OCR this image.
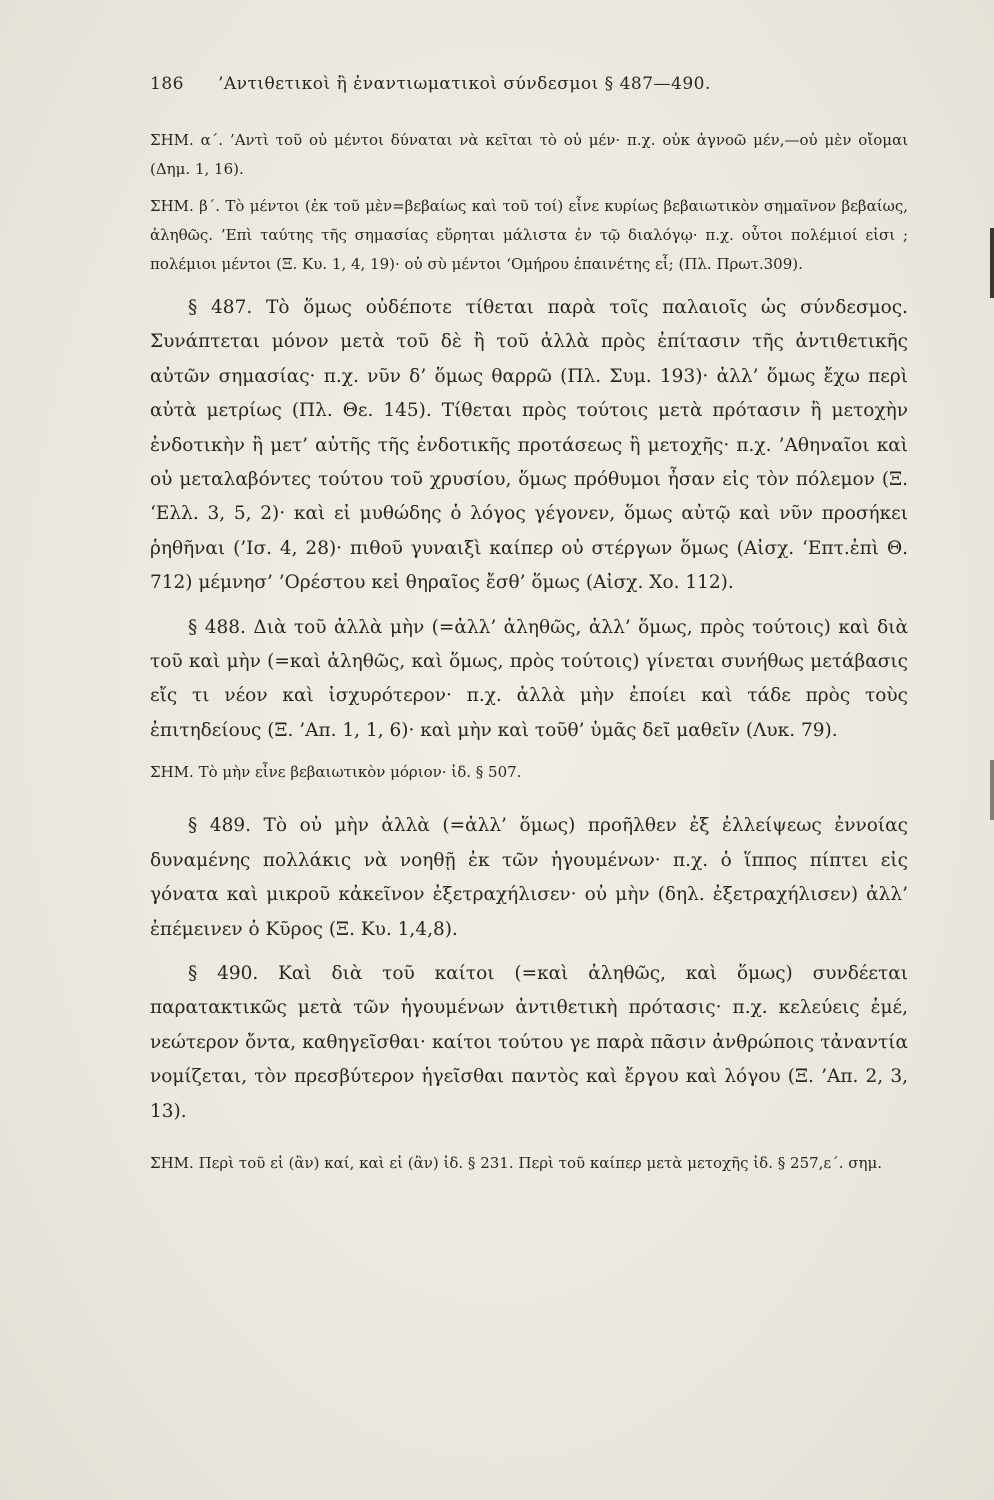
186 ’Αντιθετικοὶ ἢ ἐναντιωματικοὶ σύνδεσμοι § 487—490.

ΣΗΜ. α΄. ’Αντὶ τοῦ οὐ μέντοι δύναται νὰ κεῖται τὸ οὐ μέν· π.χ. οὐκ ἀγνοῶ μέν,—οὐ μὲν οἴομαι (Δημ. 1, 16).

ΣΗΜ. β΄. Τὸ μέντοι (ἐκ τοῦ μὲν=βεβαίως καὶ τοῦ τοί) εἶνε κυρίως βεβαιωτικὸν σημαῖνον βεβαίως, ἀληθῶς. ’Επὶ ταύτης τῆς σημασίας εὕρηται μάλιστα ἐν τῷ διαλόγῳ· π.χ. οὗτοι πολέμιοί εἰσι ; πολέμιοι μέντοι (Ξ. Κυ. 1, 4, 19)· οὐ σὺ μέντοι ‘Ομήρου ἐπαινέτης εἶ; (Πλ. Πρωτ.309).

§ 487. Τὸ ὅμως οὐδέποτε τίθεται παρὰ τοῖς παλαιοῖς ὡς σύνδεσμος. Συνάπτεται μόνον μετὰ τοῦ δὲ ἢ τοῦ ἀλλὰ πρὸς ἐπίτασιν τῆς ἀντιθετικῆς αὐτῶν σημασίας· π.χ. νῦν δ’ ὅμως θαρρῶ (Πλ. Συμ. 193)· ἀλλ’ ὅμως ἔχω περὶ αὐτὰ μετρίως (Πλ. Θε. 145). Τίθεται πρὸς τούτοις μετὰ πρότασιν ἢ μετοχὴν ἐνδοτικὴν ἢ μετ’ αὐτῆς τῆς ἐνδοτικῆς προτάσεως ἢ μετοχῆς· π.χ. ’Αθηναῖοι καὶ οὐ μεταλαβόντες τούτου τοῦ χρυσίου, ὅμως πρόθυμοι ἦσαν εἰς τὸν πόλεμον (Ξ. ‘Ελλ. 3, 5, 2)· καὶ εἰ μυθώδης ὁ λόγος γέγονεν, ὅμως αὐτῷ καὶ νῦν προσήκει ῥηθῆναι (’Ισ. 4, 28)· πιθοῦ γυναιξὶ καίπερ οὐ στέργων ὅμως (Αἰσχ. ‘Επτ.ἐπὶ Θ. 712) μέμνησ’ ’Ορέστου κεἰ θηραῖος ἔσθ’ ὅμως (Αἰσχ. Χο. 112).

§ 488. Διὰ τοῦ ἀλλὰ μὴν (=ἀλλ’ ἀληθῶς, ἀλλ’ ὅμως, πρὸς τούτοις) καὶ διὰ τοῦ καὶ μὴν (=καὶ ἀληθῶς, καὶ ὅμως, πρὸς τούτοις) γίνεται συνήθως μετάβασις εἴς τι νέον καὶ ἰσχυρότερον· π.χ. ἀλλὰ μὴν ἐποίει καὶ τάδε πρὸς τοὺς ἐπιτηδείους (Ξ. ’Απ. 1, 1, 6)· καὶ μὴν καὶ τοῦθ’ ὑμᾶς δεῖ μαθεῖν (Λυκ. 79).

ΣΗΜ. Τὸ μὴν εἶνε βεβαιωτικὸν μόριον· ἰδ. § 507.

§ 489. Τὸ οὐ μὴν ἀλλὰ (=ἀλλ’ ὅμως) προῆλθεν ἐξ ἐλλείψεως ἐννοίας δυναμένης πολλάκις νὰ νοηθῇ ἐκ τῶν ἡγουμένων· π.χ. ὁ ἵππος πίπτει εἰς γόνατα καὶ μικροῦ κἀκεῖνον ἐξετραχήλισεν· οὐ μὴν (δηλ. ἐξετραχήλισεν) ἀλλ’ ἐπέμεινεν ὁ Κῦρος (Ξ. Κυ. 1,4,8).

§ 490. Καὶ διὰ τοῦ καίτοι (=καὶ ἀληθῶς, καὶ ὅμως) συνδέεται παρατακτικῶς μετὰ τῶν ἡγουμένων ἀντιθετικὴ πρότασις· π.χ. κελεύεις ἐμέ, νεώτερον ὄντα, καθηγεῖσθαι· καίτοι τούτου γε παρὰ πᾶσιν ἀνθρώποις τἀναντία νομίζεται, τὸν πρεσβύτερον ἡγεῖσθαι παντὸς καὶ ἔργου καὶ λόγου (Ξ. ’Απ. 2, 3, 13).

ΣΗΜ. Περὶ τοῦ εἰ (ἂν) καί, καὶ εἰ (ἂν) ἰδ. § 231. Περὶ τοῦ καίπερ μετὰ μετοχῆς ἰδ. § 257,ε΄. σημ.
